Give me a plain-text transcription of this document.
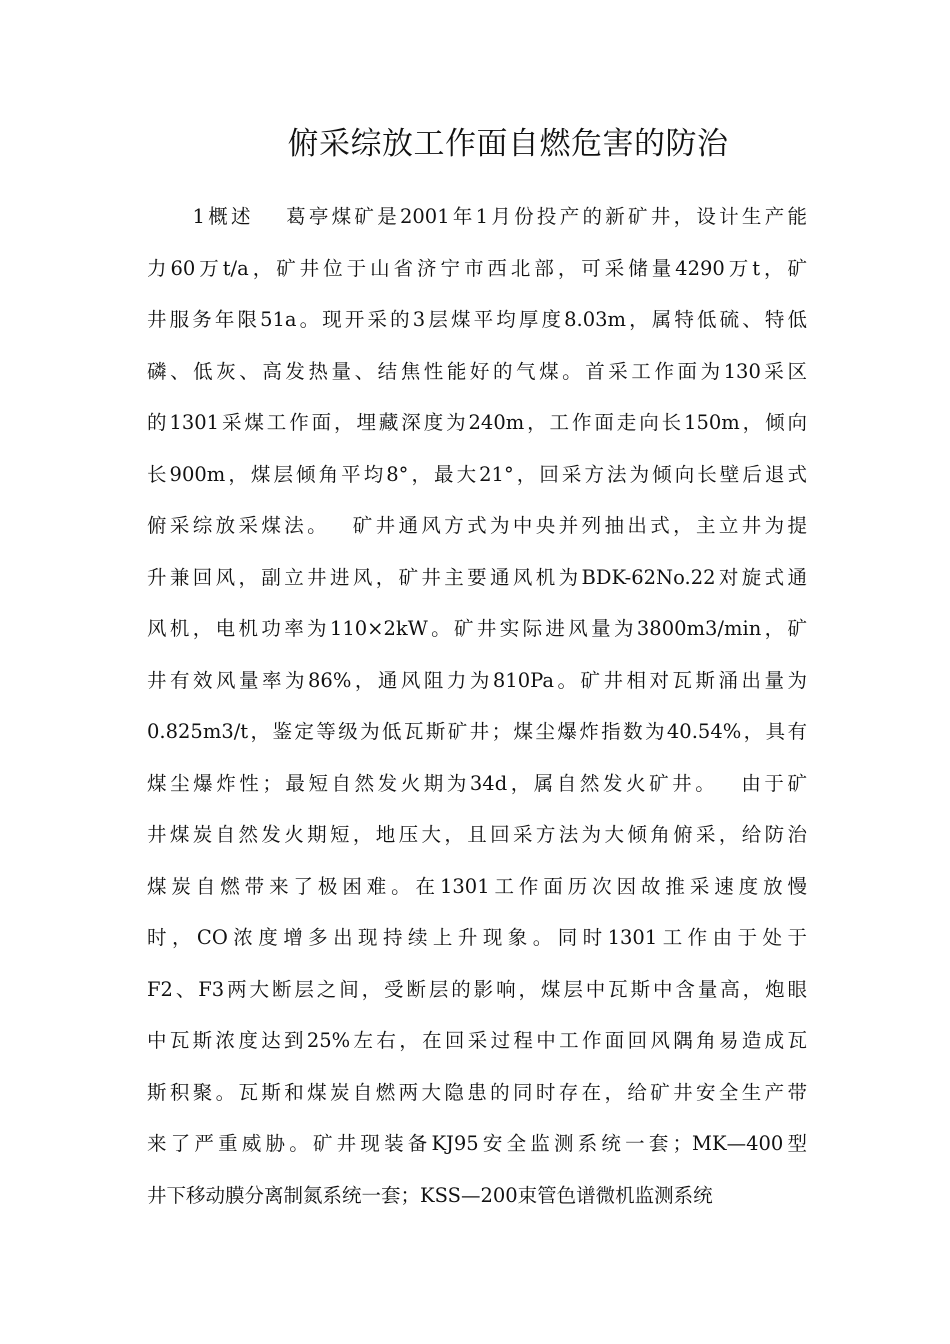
俯采综放工作面自燃危害的防治
　　1概述　 葛亭煤矿是2001年1月份投产的新矿井，设计生产能
力60万t/a，矿井位于山省济宁市西北部，可采储量4290万t，矿
井服务年限51a。现开采的3层煤平均厚度8.03m，属特低硫、特低
磷、低灰、高发热量、结焦性能好的气煤。首采工作面为130采区
的1301采煤工作面，埋藏深度为240m，工作面走向长150m，倾向
长900m，煤层倾角平均8°，最大21°，回采方法为倾向长壁后退式
俯采综放采煤法。　 矿井通风方式为中央并列抽出式，主立井为提
升兼回风，副立井进风，矿井主要通风机为BDK-62No.22对旋式通
风机，电机功率为110×2kW。矿井实际进风量为3800m3/min，矿
井有效风量率为86%，通风阻力为810Pa。矿井相对瓦斯涌出量为
0.825m3/t，鉴定等级为低瓦斯矿井；煤尘爆炸指数为40.54%，具有
煤尘爆炸性；最短自然发火期为34d，属自然发火矿井。　 由于矿
井煤炭自然发火期短，地压大，且回采方法为大倾角俯采，给防治
煤炭自燃带来了极困难。在1301工作面历次因故推采速度放慢
时，CO浓度增多出现持续上升现象。同时1301工作由于处于
F2、F3两大断层之间，受断层的影响，煤层中瓦斯中含量高，炮眼
中瓦斯浓度达到25%左右，在回采过程中工作面回风隅角易造成瓦
斯积聚。瓦斯和煤炭自燃两大隐患的同时存在，给矿井安全生产带
来了严重威胁。矿井现装备KJ95安全监测系统一套；MK—400型
井下移动膜分离制氮系统一套；KSS—200束管色谱微机监测系统
